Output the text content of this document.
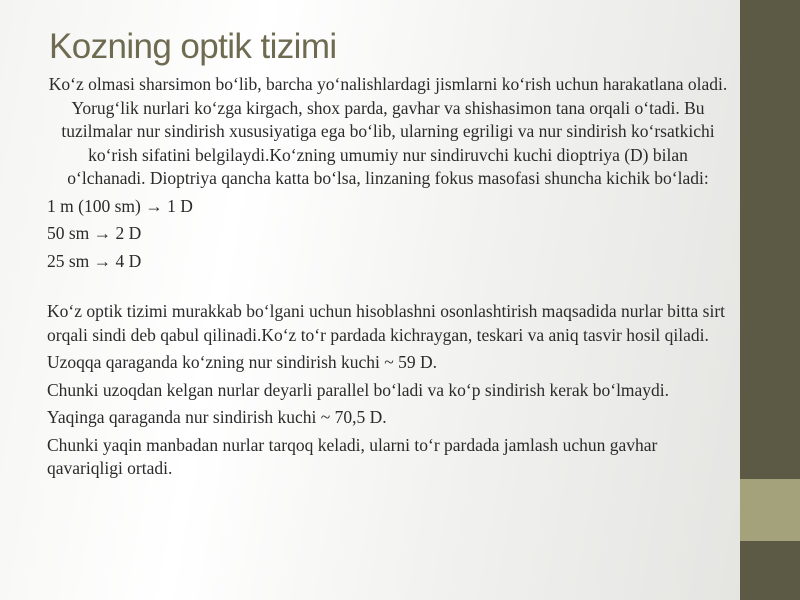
Kozning optik tizimi

Ko‘z olmasi sharsimon bo‘lib, barcha yo‘nalishlardagi jismlarni ko‘rish uchun harakatlana oladi. Yorug‘lik nurlari ko‘zga kirgach, shox parda, gavhar va shishasimon tana orqali o‘tadi. Bu tuzilmalar nur sindirish xususiyatiga ega bo‘lib, ularning egriligi va nur sindirish ko‘rsatkichi ko‘rish sifatini belgilaydi.Ko‘zning umumiy nur sindiruvchi kuchi dioptriya (D) bilan o‘lchanadi. Dioptriya qancha katta bo‘lsa, linzaning fokus masofasi shuncha kichik bo‘ladi:

1 m (100 sm) → 1 D

50 sm → 2 D

25 sm → 4 D

Ko‘z optik tizimi murakkab bo‘lgani uchun hisoblashni osonlashtirish maqsadida nurlar bitta sirt orqali sindi deb qabul qilinadi.Ko‘z to‘r pardada kichraygan, teskari va aniq tasvir hosil qiladi.

Uzoqqa qaraganda ko‘zning nur sindirish kuchi ~ 59 D.

Chunki uzoqdan kelgan nurlar deyarli parallel bo‘ladi va ko‘p sindirish kerak bo‘lmaydi.

Yaqinga qaraganda nur sindirish kuchi ~ 70,5 D.

Chunki yaqin manbadan nurlar tarqoq keladi, ularni to‘r pardada jamlash uchun gavhar qavariqligi ortadi.
